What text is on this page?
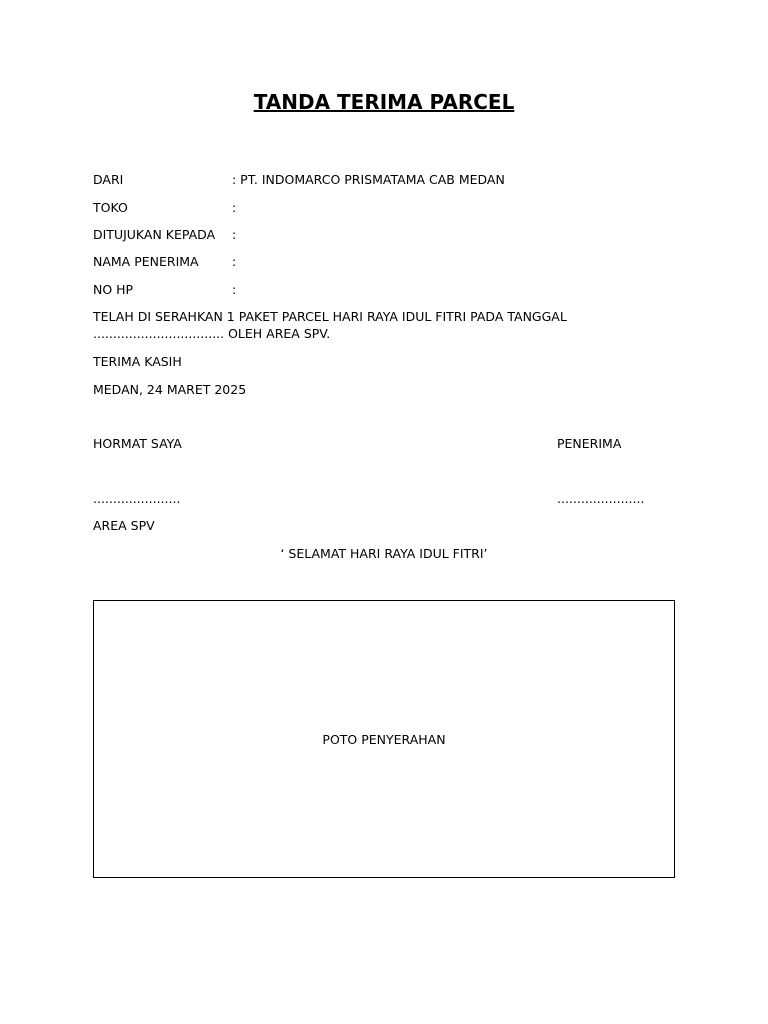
TANDA TERIMA PARCEL
DARI	: PT. INDOMARCO PRISMATAMA CAB MEDAN
TOKO	:
DITUJUKAN KEPADA :
NAMA PENERIMA	:
NO HP	:
TELAH DI SERAHKAN 1 PAKET PARCEL HARI RAYA IDUL FITRI PADA TANGGAL ................................. OLEH AREA SPV.
TERIMA KASIH
MEDAN, 24 MARET 2025
HORMAT SAYA	PENERIMA
......................	......................
AREA SPV
‘ SELAMAT HARI RAYA IDUL FITRI’
POTO PENYERAHAN
